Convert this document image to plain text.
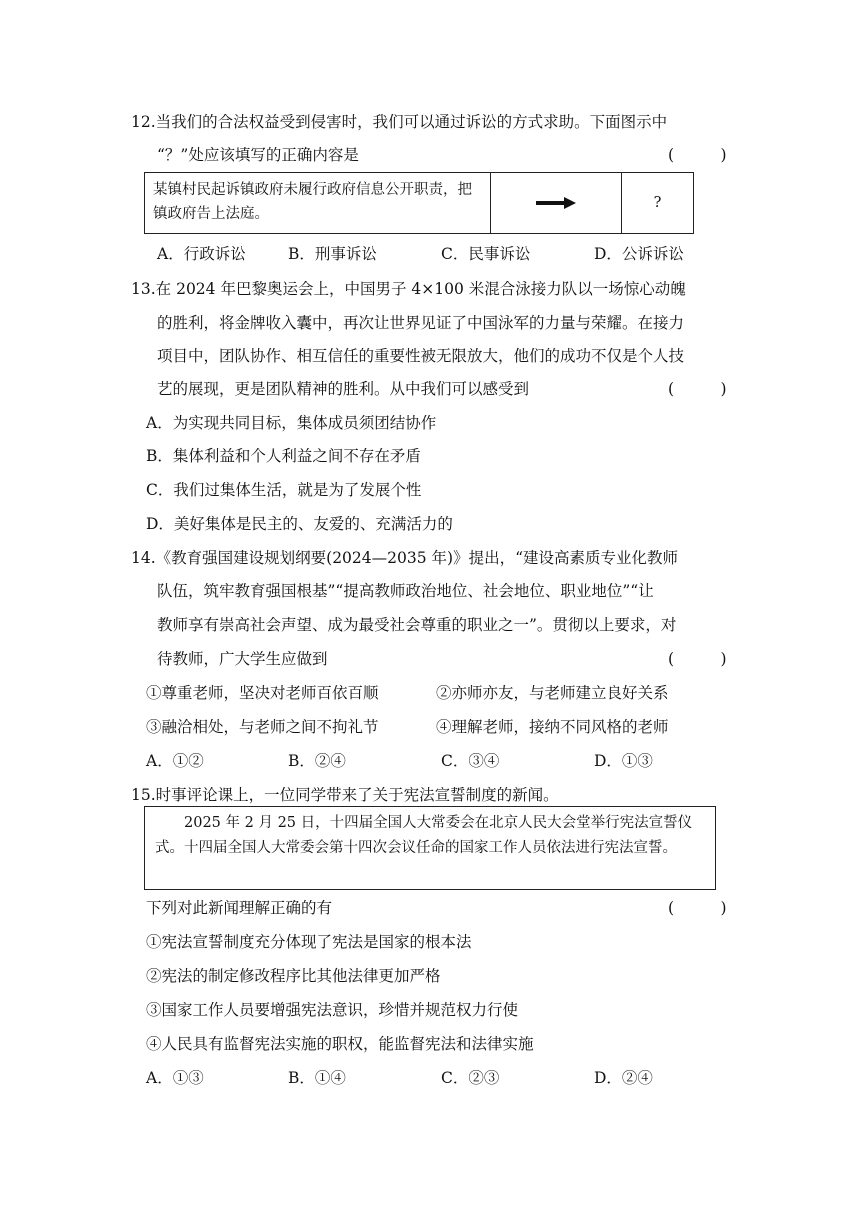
12.当我们的合法权益受到侵害时，我们可以通过诉讼的方式求助。下面图示中
“？”处应该填写的正确内容是	(　　　)
某镇村民起诉镇政府未履行政府信息公开职责，把镇政府告上法庭。
?
A．行政诉讼	B．刑事诉讼	C．民事诉讼	D．公诉诉讼
13.在 2024 年巴黎奥运会上，中国男子 4×100 米混合泳接力队以一场惊心动魄
的胜利，将金牌收入囊中，再次让世界见证了中国泳军的力量与荣耀。在接力
项目中，团队协作、相互信任的重要性被无限放大，他们的成功不仅是个人技
艺的展现，更是团队精神的胜利。从中我们可以感受到	(　　　)
A．为实现共同目标，集体成员须团结协作
B．集体利益和个人利益之间不存在矛盾
C．我们过集体生活，就是为了发展个性
D．美好集体是民主的、友爱的、充满活力的
14.《教育强国建设规划纲要(2024—2035 年)》提出，“建设高素质专业化教师
队伍，筑牢教育强国根基”“提高教师政治地位、社会地位、职业地位”“让
教师享有崇高社会声望、成为最受社会尊重的职业之一”。贯彻以上要求，对
待教师，广大学生应做到	(　　　)
①尊重老师，坚决对老师百依百顺	②亦师亦友，与老师建立良好关系
③融洽相处，与老师之间不拘礼节	④理解老师，接纳不同风格的老师
A．①②	B．②④	C．③④	D．①③
15.时事评论课上，一位同学带来了关于宪法宣誓制度的新闻。
　　2025 年 2 月 25 日，十四届全国人大常委会在北京人民大会堂举行宪法宣誓仪式。十四届全国人大常委会第十四次会议任命的国家工作人员依法进行宪法宣誓。
下列对此新闻理解正确的有	(　　　)
①宪法宣誓制度充分体现了宪法是国家的根本法
②宪法的制定修改程序比其他法律更加严格
③国家工作人员要增强宪法意识，珍惜并规范权力行使
④人民具有监督宪法实施的职权，能监督宪法和法律实施
A．①③	B．①④	C．②③	D．②④
